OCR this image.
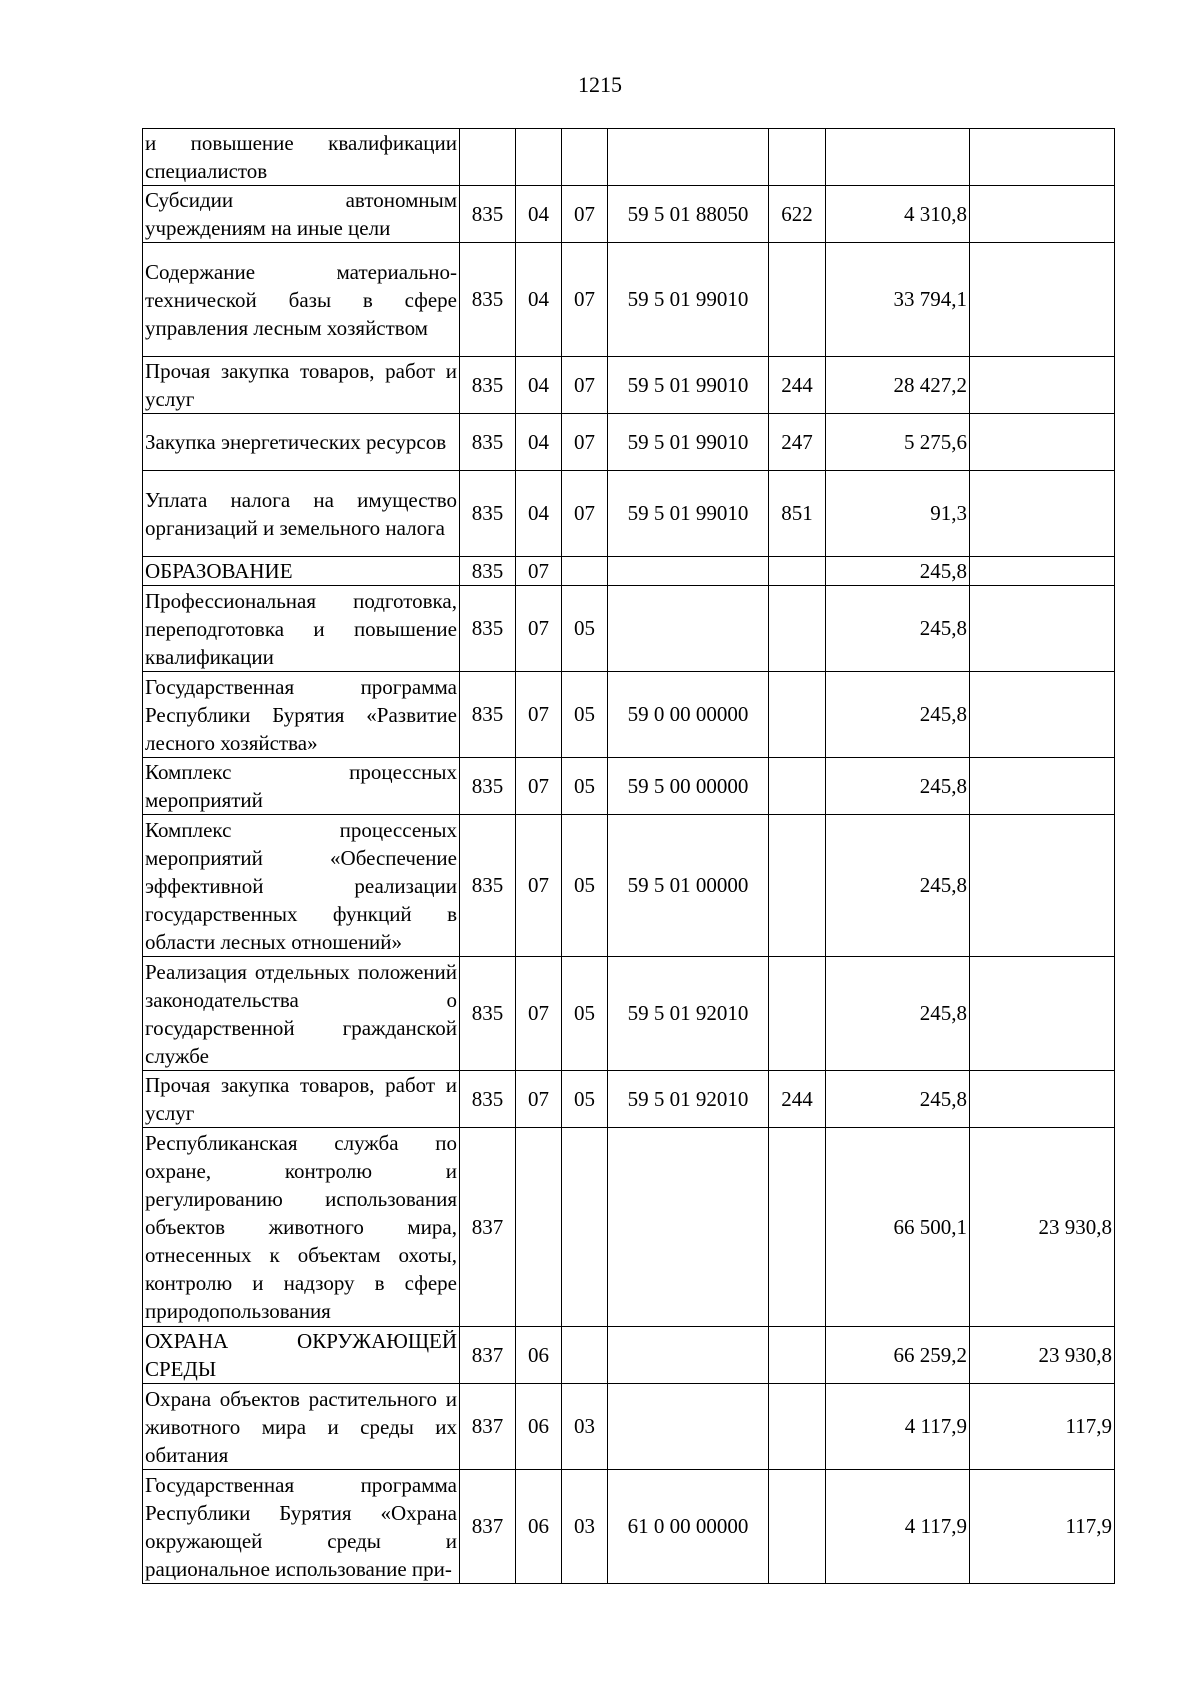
1215
и повышение квалификации специалистов							
Субсидии автономным учреждениям на иные цели	835	04	07	59 5 01 88050	622	4 310,8	
Содержание материально-технической базы в сфере управления лесным хозяйством	835	04	07	59 5 01 99010		33 794,1	
Прочая закупка товаров, работ и услуг	835	04	07	59 5 01 99010	244	28 427,2	
Закупка энергетических ресурсов	835	04	07	59 5 01 99010	247	5 275,6	
Уплата налога на имущество организаций и земельного налога	835	04	07	59 5 01 99010	851	91,3	
ОБРАЗОВАНИЕ	835	07				245,8	
Профессиональная подготовка, переподготовка и повышение квалификации	835	07	05			245,8	
Государственная программа Республики Бурятия «Развитие лесного хозяйства»	835	07	05	59 0 00 00000		245,8	
Комплекс процессных мероприятий	835	07	05	59 5 00 00000		245,8	
Комплекс процессеных мероприятий «Обеспечение эффективной реализации государственных функций в области лесных отношений»	835	07	05	59 5 01 00000		245,8	
Реализация отдельных положений законодательства о государственной гражданской службе	835	07	05	59 5 01 92010		245,8	
Прочая закупка товаров, работ и услуг	835	07	05	59 5 01 92010	244	245,8	
Республиканская служба по охране, контролю и регулированию использования объектов животного мира, отнесенных к объектам охоты, контролю и надзору в сфере природопользования	837					66 500,1	23 930,8
ОХРАНА ОКРУЖАЮЩЕЙ СРЕДЫ	837	06				66 259,2	23 930,8
Охрана объектов растительного и животного мира и среды их обитания	837	06	03			4 117,9	117,9
Государственная программа Республики Бурятия «Охрана окружающей среды и рациональное использование при-	837	06	03	61 0 00 00000		4 117,9	117,9
